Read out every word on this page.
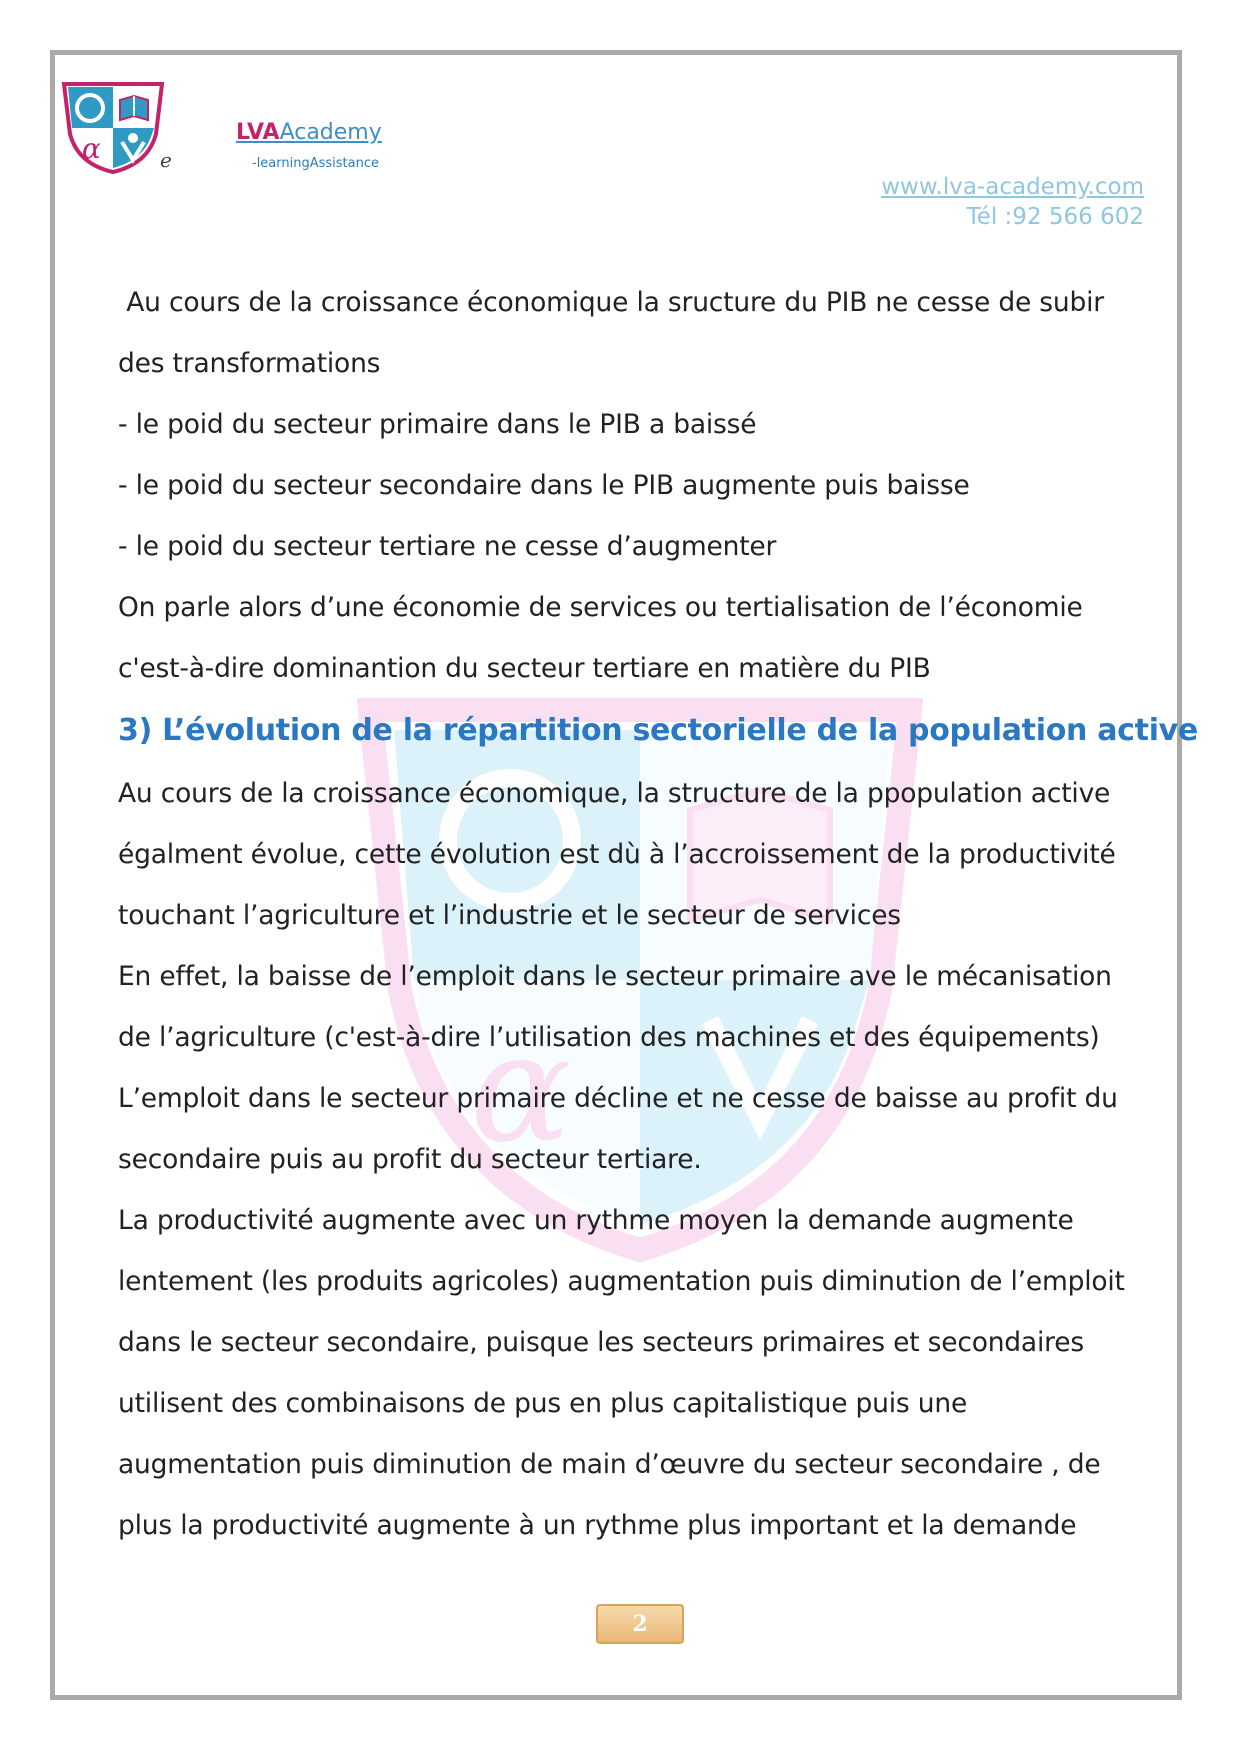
α	LVAAcademy
-learningAssistance
e
www.lva-academy.com
Tél :92 566 602
α

Au cours de la croissance économique la sructure du PIB ne cesse de subir

des transformations

- le poid du secteur primaire dans le PIB a baissé

- le poid du secteur secondaire dans le PIB augmente puis baisse

- le poid du secteur tertiare ne cesse d’augmenter

On parle alors d’une économie de services ou tertialisation de l’économie

c'est-à-dire dominantion du secteur tertiare en matière du PIB

3) L’évolution de la répartition sectorielle de la population active

Au cours de la croissance économique, la structure de la ppopulation active

égalment évolue, cette évolution est dù à l’accroissement de la productivité

touchant l’agriculture et l’industrie et le secteur de services

En effet, la baisse de l’emploit dans le secteur primaire ave le mécanisation

de l’agriculture (c'est-à-dire l’utilisation des machines et des équipements)

L’emploit dans le secteur primaire décline et ne cesse de baisse au profit du

secondaire puis au profit du secteur tertiare.

La productivité augmente avec un rythme moyen la demande augmente

lentement (les produits agricoles) augmentation puis diminution de l’emploit

dans le secteur secondaire, puisque les secteurs primaires et secondaires

utilisent des combinaisons de pus en plus capitalistique puis une

augmentation puis diminution de main d’œuvre du secteur secondaire , de

plus la productivité augmente à un rythme plus important et la demande

2
